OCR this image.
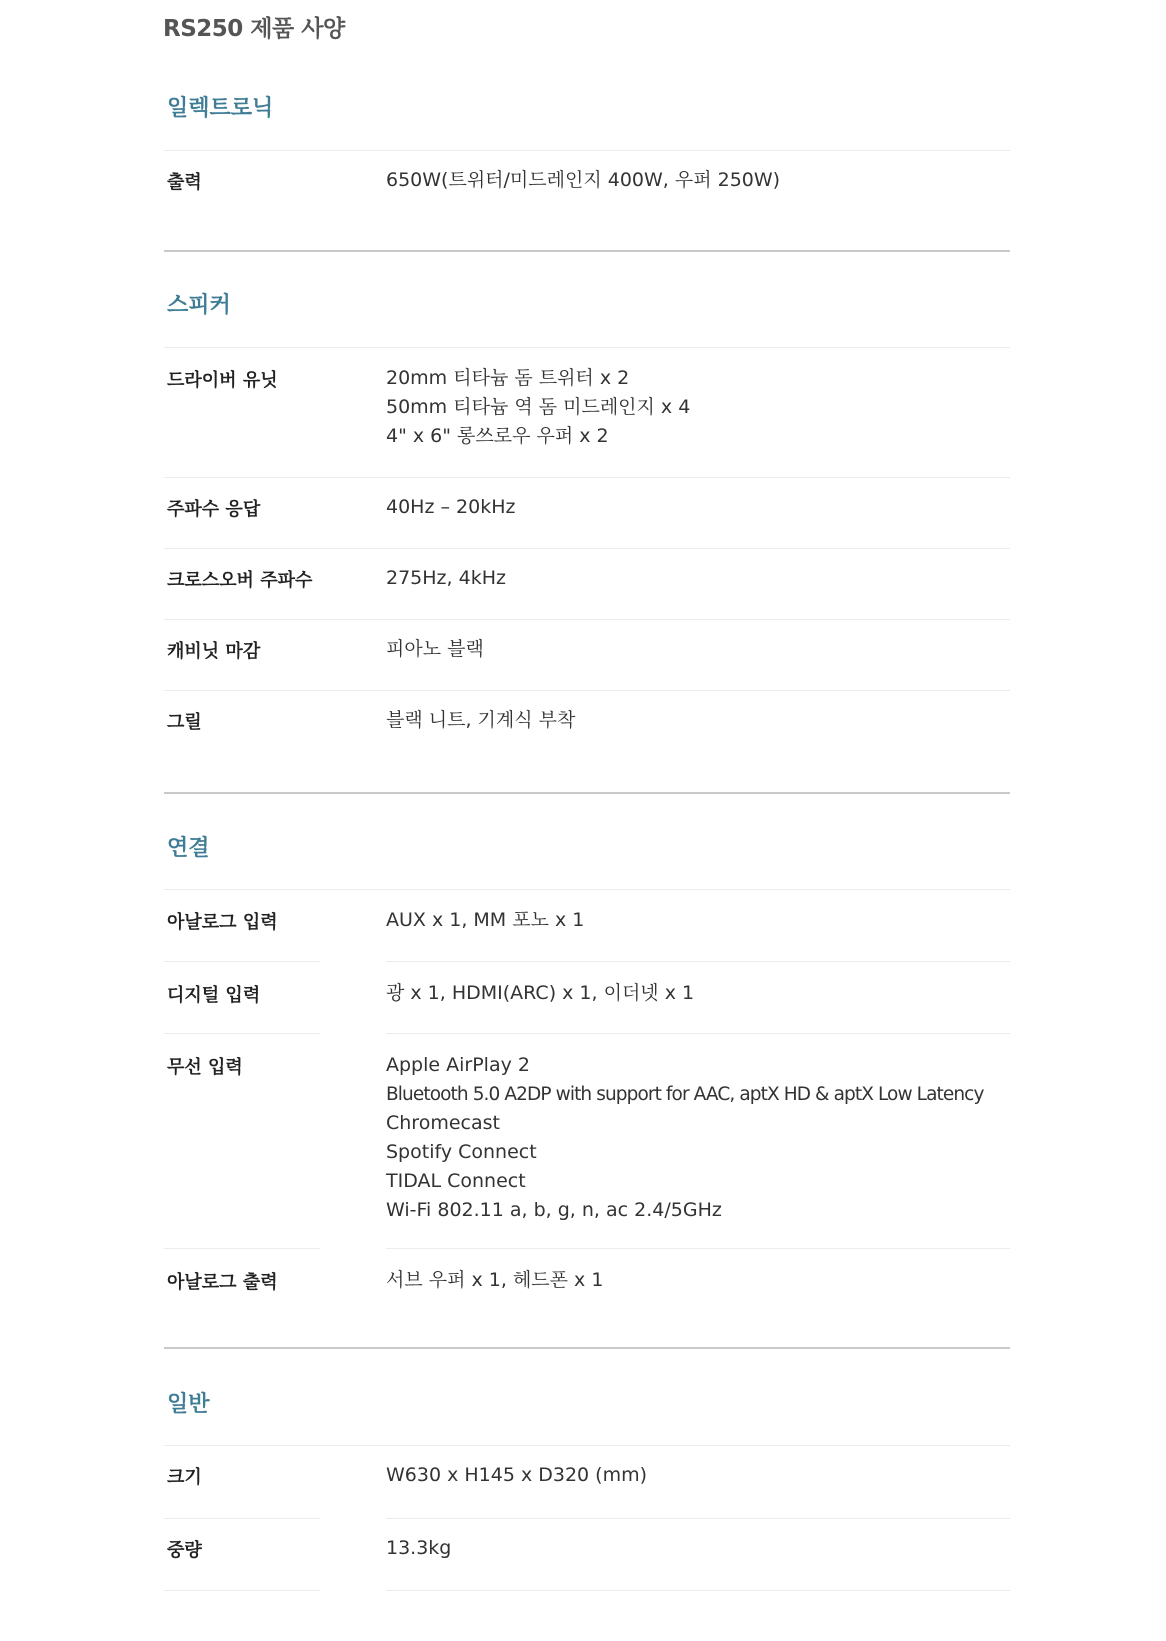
RS250 제품 사양
일렉트로닉
출력	650W(트위터/미드레인지 400W, 우퍼 250W)
스피커
드라이버 유닛	20mm 티타늄 돔 트위터 x 2
50mm 티타늄 역 돔 미드레인지 x 4
4" x 6" 롱쓰로우 우퍼 x 2
주파수 응답	40Hz – 20kHz
크로스오버 주파수	275Hz, 4kHz
캐비닛 마감	피아노 블랙
그릴	블랙 니트, 기계식 부착
연결
아날로그 입력	AUX x 1, MM 포노 x 1
디지털 입력	광 x 1, HDMI(ARC) x 1, 이더넷 x 1
무선 입력	Apple AirPlay 2
Bluetooth 5.0 A2DP with support for AAC, aptX HD & aptX Low Latency
Chromecast
Spotify Connect
TIDAL Connect
Wi-Fi 802.11 a, b, g, n, ac 2.4/5GHz
아날로그 출력	서브 우퍼 x 1, 헤드폰 x 1
일반
크기	W630 x H145 x D320 (mm)
중량	13.3kg
